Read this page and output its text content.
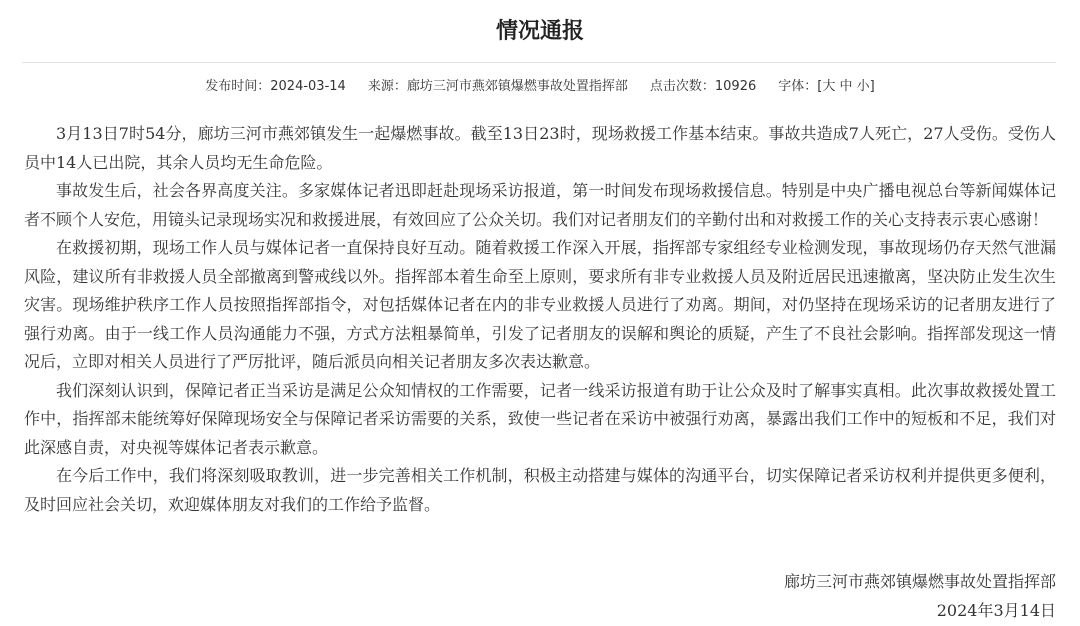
情况通报
发布时间：2024-03-14 来源：廊坊三河市燕郊镇爆燃事故处置指挥部 点击次数：10926 字体：[大 中 小]

3月13日7时54分，廊坊三河市燕郊镇发生一起爆燃事故。截至13日23时，现场救援工作基本结束。事故共造成7人死亡，27人受伤。受伤人员中14人已出院，其余人员均无生命危险。

事故发生后，社会各界高度关注。多家媒体记者迅即赶赴现场采访报道，第一时间发布现场救援信息。特别是中央广播电视总台等新闻媒体记者不顾个人安危，用镜头记录现场实况和救援进展，有效回应了公众关切。我们对记者朋友们的辛勤付出和对救援工作的关心支持表示衷心感谢！

在救援初期，现场工作人员与媒体记者一直保持良好互动。随着救援工作深入开展，指挥部专家组经专业检测发现，事故现场仍存天然气泄漏风险，建议所有非救援人员全部撤离到警戒线以外。指挥部本着生命至上原则，要求所有非专业救援人员及附近居民迅速撤离，坚决防止发生次生灾害。现场维护秩序工作人员按照指挥部指令，对包括媒体记者在内的非专业救援人员进行了劝离。期间，对仍坚持在现场采访的记者朋友进行了强行劝离。由于一线工作人员沟通能力不强，方式方法粗暴简单，引发了记者朋友的误解和舆论的质疑，产生了不良社会影响。指挥部发现这一情况后，立即对相关人员进行了严厉批评，随后派员向相关记者朋友多次表达歉意。

我们深刻认识到，保障记者正当采访是满足公众知情权的工作需要，记者一线采访报道有助于让公众及时了解事实真相。此次事故救援处置工作中，指挥部未能统筹好保障现场安全与保障记者采访需要的关系，致使一些记者在采访中被强行劝离，暴露出我们工作中的短板和不足，我们对此深感自责，对央视等媒体记者表示歉意。

在今后工作中，我们将深刻吸取教训，进一步完善相关工作机制，积极主动搭建与媒体的沟通平台，切实保障记者采访权利并提供更多便利，及时回应社会关切，欢迎媒体朋友对我们的工作给予监督。

廊坊三河市燕郊镇爆燃事故处置指挥部
2024年3月14日
